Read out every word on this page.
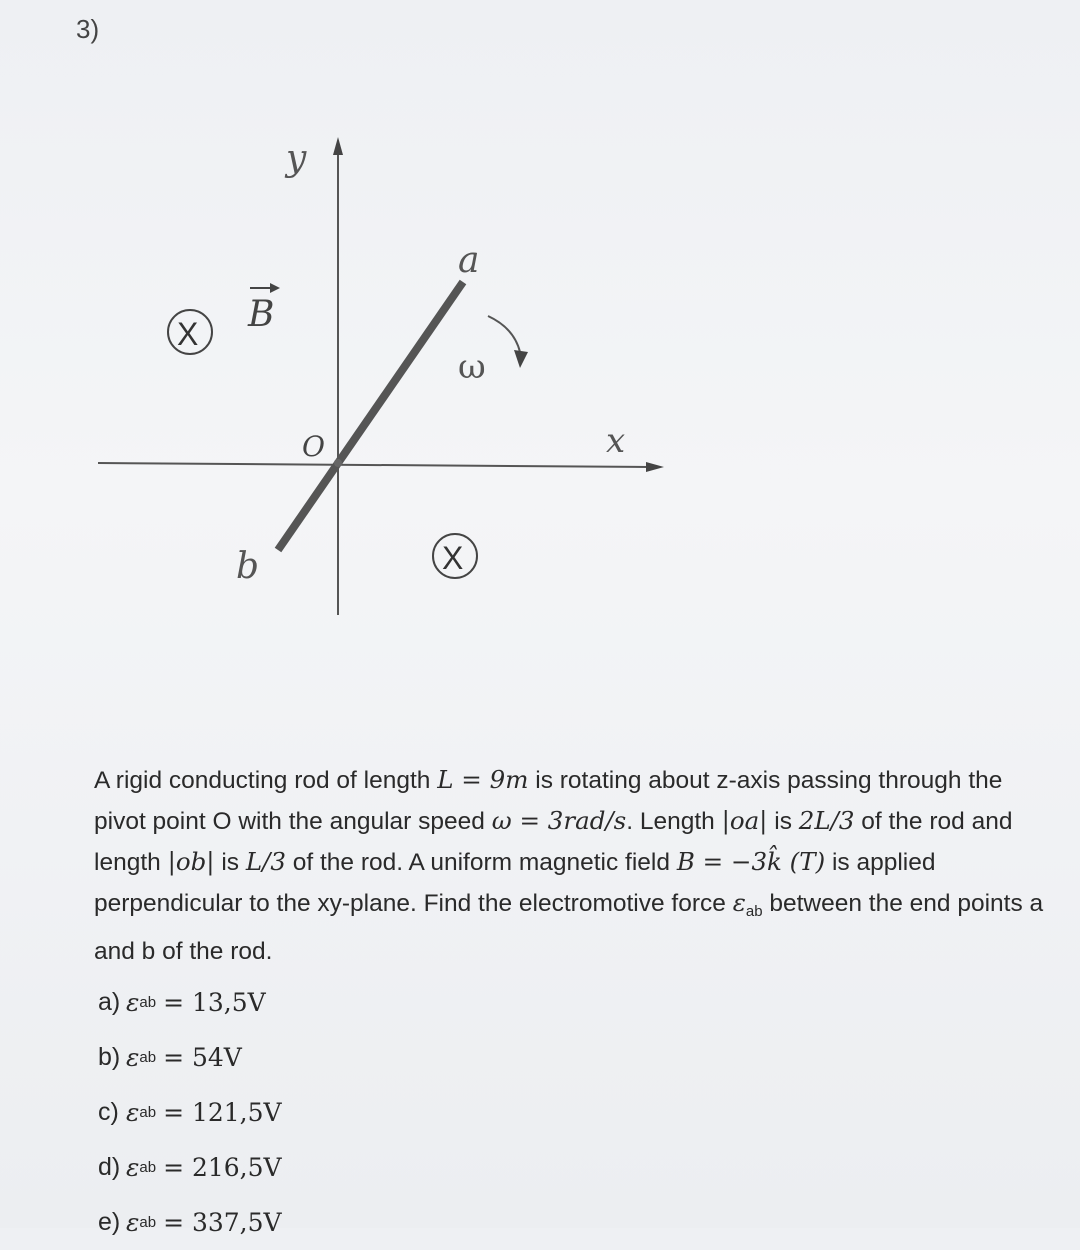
3)
y
x
O
a
b
ω
X B
X
A rigid conducting rod of length L = 9m is rotating about z-axis passing through the pivot point O with the angular speed ω = 3rad/s. Length |oa| is 2L/3 of the rod and length |ob| is L/3 of the rod. A uniform magnetic field B = −3k̂ (T) is applied perpendicular to the xy-plane. Find the electromotive force $\varepsilon_{ab}$ between the end points a and b of the rod.
a) ε ab
= 13,5V
b) ε ab
= 54V
c) ε ab
= 121,5V
d) ε ab
= 216,5V
e) ε ab
= 337,5V
